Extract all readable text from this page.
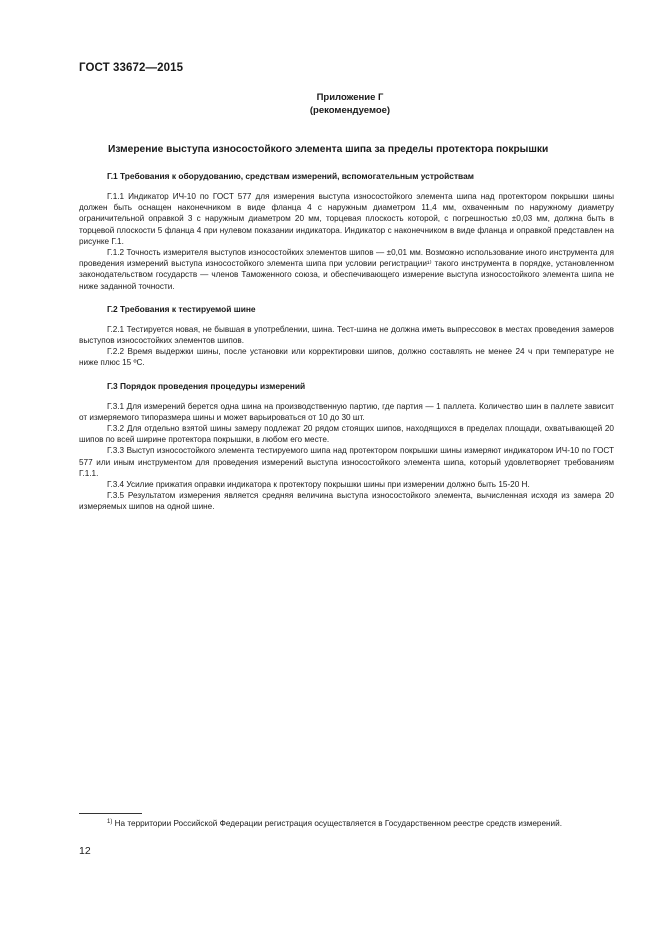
ГОСТ 33672—2015
Приложение Г
(рекомендуемое)
Измерение выступа износостойкого элемента шипа за пределы протектора покрышки
Г.1 Требования к оборудованию, средствам измерений, вспомогательным устройствам

Г.1.1 Индикатор ИЧ-10 по ГОСТ 577 для измерения выступа износостойкого элемента шипа над протектором покрышки шины должен быть оснащен наконечником в виде фланца 4 с наружным диаметром 11,4 мм, охваченным по наружному диаметру ограничительной оправкой 3 с наружным диаметром 20 мм, торцевая плоскость которой, с погрешностью ±0,03 мм, должна быть в торцевой плоскости 5 фланца 4 при нулевом показании индикатора. Индикатор с наконечником в виде фланца и оправкой представлен на рисунке Г.1.

Г.1.2 Точность измерителя выступов износостойких элементов шипов — ±0,01 мм. Возможно использование иного инструмента для проведения измерений выступа износостойкого элемента шипа при условии регистрации¹⁾ такого инструмента в порядке, установленном законодательством государств — членов Таможенного союза, и обеспечивающего измерение выступа износостойкого элемента шипа не ниже заданной точности.

Г.2 Требования к тестируемой шине

Г.2.1 Тестируется новая, не бывшая в употреблении, шина. Тест-шина не должна иметь выпрессовок в местах проведения замеров выступов износостойких элементов шипов.

Г.2.2 Время выдержки шины, после установки или корректировки шипов, должно составлять не менее 24 ч при температуре не ниже плюс 15 ºС.

Г.3 Порядок проведения процедуры измерений

Г.3.1 Для измерений берется одна шина на производственную партию, где партия — 1 паллета. Количество шин в паллете зависит от измеряемого типоразмера шины и может варьироваться от 10 до 30 шт.

Г.3.2 Для отдельно взятой шины замеру подлежат 20 рядом стоящих шипов, находящихся в пределах площади, охватывающей 20 шипов по всей ширине протектора покрышки, в любом его месте.

Г.3.3 Выступ износостойкого элемента тестируемого шипа над протектором покрышки шины измеряют индикатором ИЧ-10 по ГОСТ 577 или иным инструментом для проведения измерений выступа износостойкого элемента шипа, который удовлетворяет требованиям Г.1.1.

Г.3.4 Усилие прижатия оправки индикатора к протектору покрышки шины при измерении должно быть 15-20 Н.

Г.3.5 Результатом измерения является средняя величина выступа износостойкого элемента, вычисленная исходя из замера 20 измеряемых шипов на одной шине.

$^{1)}$ На территории Российской Федерации регистрация осуществляется в Государственном реестре средств измерений.
12
